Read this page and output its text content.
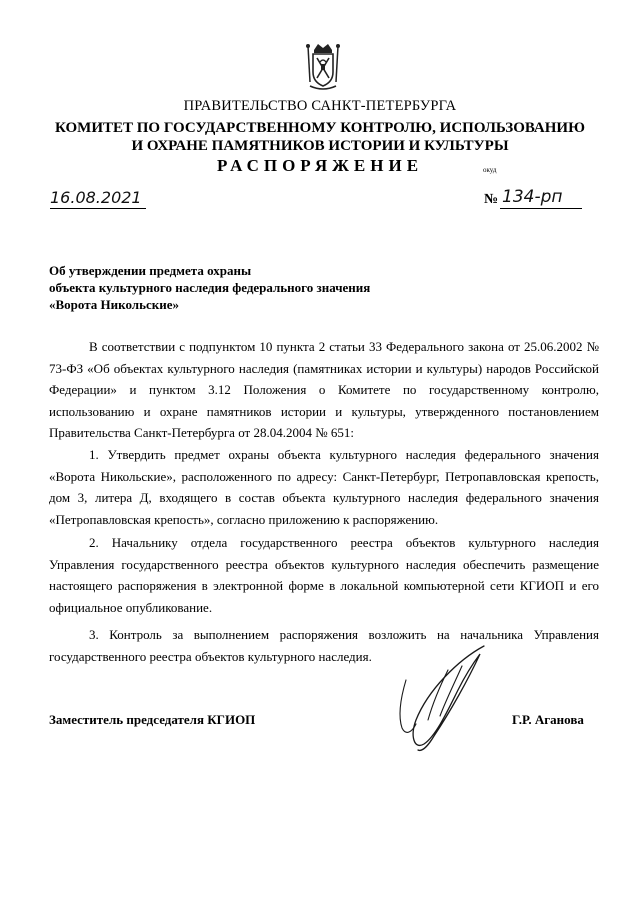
ПРАВИТЕЛЬСТВО САНКТ-ПЕТЕРБУРГА
КОМИТЕТ ПО ГОСУДАРСТВЕННОМУ КОНТРОЛЮ, ИСПОЛЬЗОВАНИЮ
И ОХРАНЕ ПАМЯТНИКОВ ИСТОРИИ И КУЛЬТУРЫ
РАСПОРЯЖЕНИЕ	окуд
16.08.2021	№ 134-рп
Об утверждении предмета охраны
объекта культурного наследия федерального значения
«Ворота Никольские»

В соответствии с подпунктом 10 пункта 2 статьи 33 Федерального закона от 25.06.2002 № 73-ФЗ «Об объектах культурного наследия (памятниках истории и культуры) народов Российской Федерации» и пунктом 3.12 Положения о Комитете по государственному контролю, использованию и охране памятников истории и культуры, утвержденного постановлением Правительства Санкт-Петербурга от 28.04.2004 № 651:

1. Утвердить предмет охраны объекта культурного наследия федерального значения «Ворота Никольские», расположенного по адресу: Санкт-Петербург, Петропавловская крепость, дом 3, литера Д, входящего в состав объекта культурного наследия федерального значения «Петропавловская крепость», согласно приложению к распоряжению.

2. Начальнику отдела государственного реестра объектов культурного наследия Управления государственного реестра объектов культурного наследия обеспечить размещение настоящего распоряжения в электронной форме в локальной компьютерной сети КГИОП и его официальное опубликование.

3. Контроль за выполнением распоряжения возложить на начальника Управления государственного реестра объектов культурного наследия.

Заместитель председателя КГИОП	Г.Р. Аганова
